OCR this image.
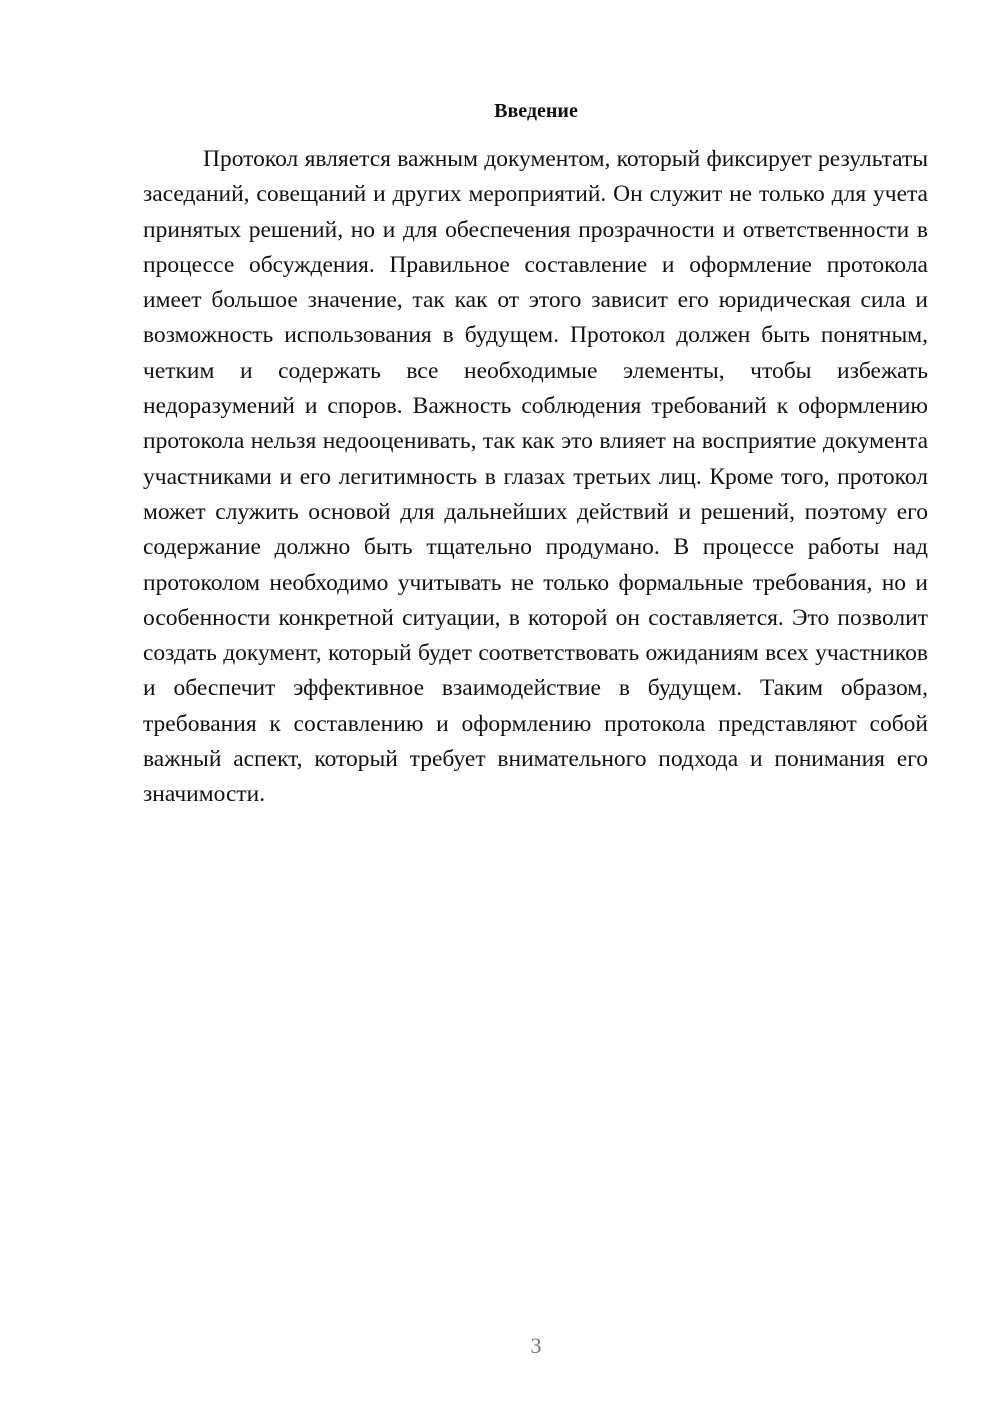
Введение

Протокол является важным документом, который фиксирует результаты заседаний, совещаний и других мероприятий. Он служит не только для учета принятых решений, но и для обеспечения прозрачности и ответственности в процессе обсуждения. Правильное составление и оформление протокола имеет большое значение, так как от этого зависит его юридическая сила и возможность использования в будущем. Протокол должен быть понятным, четким и содержать все необходимые элементы, чтобы избежать недоразумений и споров. Важность соблюдения требований к оформлению протокола нельзя недооценивать, так как это влияет на восприятие документа участниками и его легитимность в глазах третьих лиц. Кроме того, протокол может служить основой для дальнейших действий и решений, поэтому его содержание должно быть тщательно продумано. В процессе работы над протоколом необходимо учитывать не только формальные требования, но и особенности конкретной ситуации, в которой он составляется. Это позволит создать документ, который будет соответствовать ожиданиям всех участников и обеспечит эффективное взаимодействие в будущем. Таким образом, требования к составлению и оформлению протокола представляют собой важный аспект, который требует внимательного подхода и понимания его значимости.

3
